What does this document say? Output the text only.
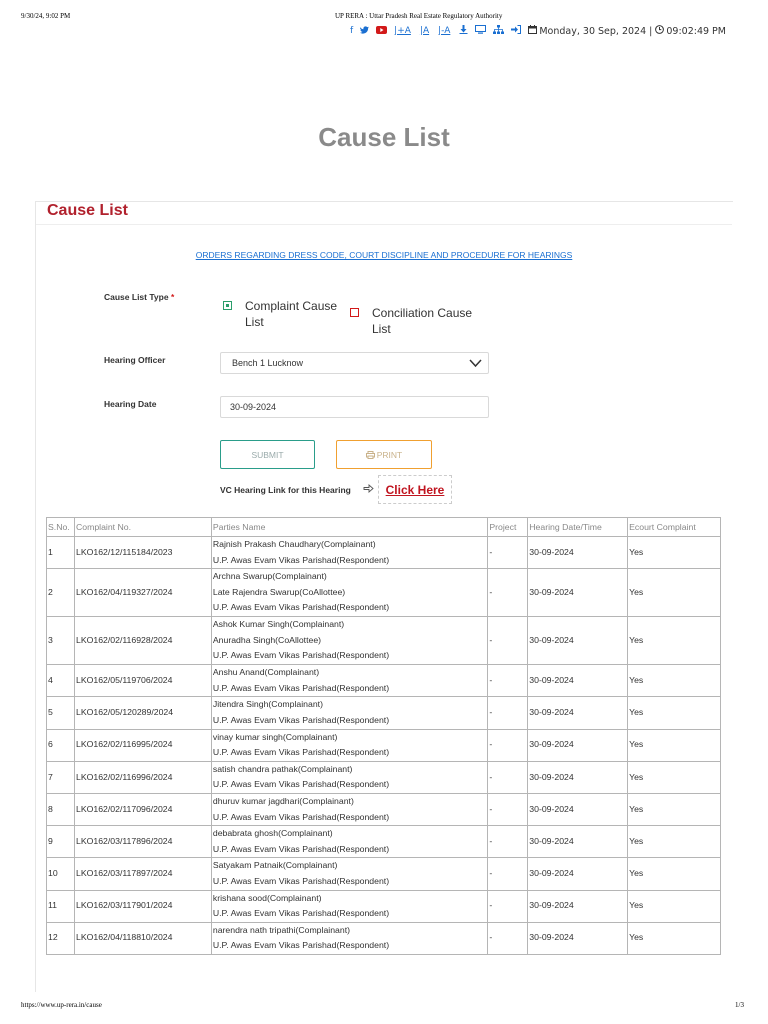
9/30/24, 9:02 PM	UP RERA : Uttar Pradesh Real Estate Regulatory Authority
https://www.up-rera.in/cause	1/3
f	|+A |A |-A	Monday, 30 Sep, 2024 | 09:02:49 PM
Cause List
Cause List
ORDERS REGARDING DRESS CODE, COURT DISCIPLINE AND PROCEDURE FOR HEARINGS
Cause List Type *
Complaint Cause
List
Conciliation Cause
List
Hearing Officer	Bench 1 Lucknow
Hearing Date	30-09-2024
SUBMIT	PRINT
VC Hearing Link for this Hearing	Click Here
S.No.	Complaint No.	Parties Name	Project	Hearing Date/Time	Ecourt Complaint
1	LKO162/12/115184/2023	Rajnish Prakash Chaudhary(Complainant)
U.P. Awas Evam Vikas Parishad(Respondent)	-	30-09-2024	Yes
2	LKO162/04/119327/2024	Archna Swarup(Complainant)
Late Rajendra Swarup(CoAllottee)
U.P. Awas Evam Vikas Parishad(Respondent)	-	30-09-2024	Yes
3	LKO162/02/116928/2024	Ashok Kumar Singh(Complainant)
Anuradha Singh(CoAllottee)
U.P. Awas Evam Vikas Parishad(Respondent)	-	30-09-2024	Yes
4	LKO162/05/119706/2024	Anshu Anand(Complainant)
U.P. Awas Evam Vikas Parishad(Respondent)	-	30-09-2024	Yes
5	LKO162/05/120289/2024	Jitendra Singh(Complainant)
U.P. Awas Evam Vikas Parishad(Respondent)	-	30-09-2024	Yes
6	LKO162/02/116995/2024	vinay kumar singh(Complainant)
U.P. Awas Evam Vikas Parishad(Respondent)	-	30-09-2024	Yes
7	LKO162/02/116996/2024	satish chandra pathak(Complainant)
U.P. Awas Evam Vikas Parishad(Respondent)	-	30-09-2024	Yes
8	LKO162/02/117096/2024	dhuruv kumar jagdhari(Complainant)
U.P. Awas Evam Vikas Parishad(Respondent)	-	30-09-2024	Yes
9	LKO162/03/117896/2024	debabrata ghosh(Complainant)
U.P. Awas Evam Vikas Parishad(Respondent)	-	30-09-2024	Yes
10	LKO162/03/117897/2024	Satyakam Patnaik(Complainant)
U.P. Awas Evam Vikas Parishad(Respondent)	-	30-09-2024	Yes
11	LKO162/03/117901/2024	krishana sood(Complainant)
U.P. Awas Evam Vikas Parishad(Respondent)	-	30-09-2024	Yes
12	LKO162/04/118810/2024	narendra nath tripathi(Complainant)
U.P. Awas Evam Vikas Parishad(Respondent)	-	30-09-2024	Yes
